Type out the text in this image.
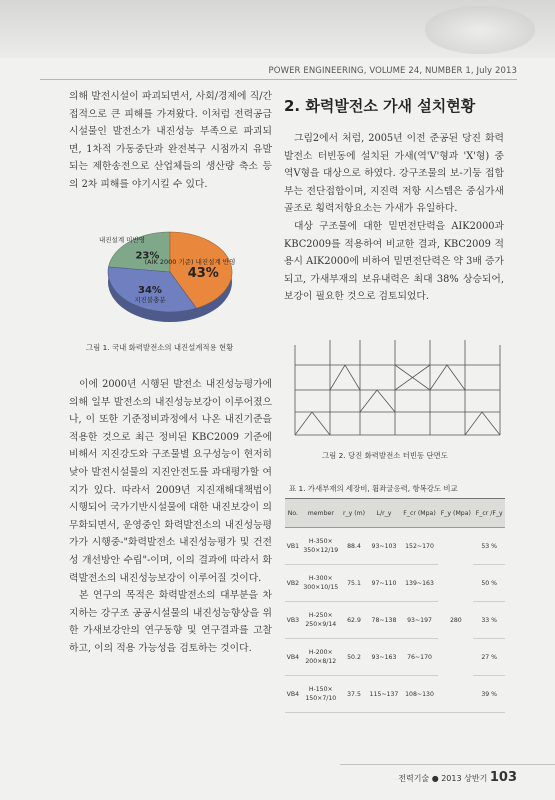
POWER ENGINEERING, VOLUME 24, NUMBER 1, July 2013

의해 발전시설이 파괴되면서, 사회/경제에 직/간접적으로 큰 피해를 가져왔다. 이처럼 전력공급시설물인 발전소가 내진성능 부족으로 파괴되면, 1차적 가동중단과 완전복구 시점까지 유발되는 제한송전으로 산업체들의 생산량 축소 등의 2차 피해를 야기시킬 수 있다.

23%
내진설계 미반영
43%
(AIK 2000 기준) 내진설계 반영
34%
지진불충분
그림 1. 국내 화력발전소의 내진설계적용 현황

이에 2000년 시행된 발전소 내진성능평가에 의해 일부 발전소의 내진성능보강이 이루어졌으나, 이 또한 기준정비과정에서 나온 내진기준을 적용한 것으로 최근 정비된 KBC2009 기준에 비해서 지진강도와 구조물별 요구성능이 현저히 낮아 발전시설물의 지진안전도를 과대평가할 여지가 있다. 따라서 2009년 지진재해대책법이 시행되어 국가기반시설물에 대한 내진보강이 의무화되면서, 운영중인 화력발전소의 내진성능평가가 시행중-"화력발전소 내진성능평가 및 건전성 개선방안 수립"-이며, 이의 결과에 따라서 화력발전소의 내진성능보강이 이루어질 것이다.

본 연구의 목적은 화력발전소의 대부분을 차지하는 강구조 공공시설물의 내진성능향상을 위한 가새보강안의 연구동향 및 연구결과를 고찰하고, 이의 적용 가능성을 검토하는 것이다.

2. 화력발전소 가새 설치현황

그림2에서 처럼, 2005년 이전 준공된 당진 화력발전소 터빈동에 설치된 가새(역'V'형과 'X'형) 중 역V형을 대상으로 하였다. 강구조물의 보-기둥 접합부는 전단접합이며, 지진력 저항 시스템은 중심가새골조로 횡력저항요소는 가새가 유일하다.

대상 구조물에 대한 밑면전단력을 AIK2000과 KBC2009를 적용하여 비교한 결과, KBC2009 적용시 AIK2000에 비하여 밑면전단력은 약 3배 증가되고, 가새부재의 보유내력은 최대 38% 상승되어, 보강이 필요한 것으로 검토되었다.

그림 2. 당진 화력발전소 터빈동 단면도
표 1. 가새부재의 세장비, 휨좌굴응력, 항복강도 비교
No.	member	r_y (m)	L/r_y	F_cr (Mpa)	F_y (Mpa)	F_cr /F_y
VB1	H-350×
350×12/19	88.4	93~103	152~170	280	53 %
VB2	H-300×
300×10/15	75.1	97~110	139~163		50 %
VB3	H-250×
250×9/14	62.9	78~138	93~197		33 %
VB4	H-200×
200×8/12	50.2	93~163	76~170		27 %
VB4	H-150×
150×7/10	37.5	115~137	108~130		39 %
전력기술 ● 2013 상반기 103
